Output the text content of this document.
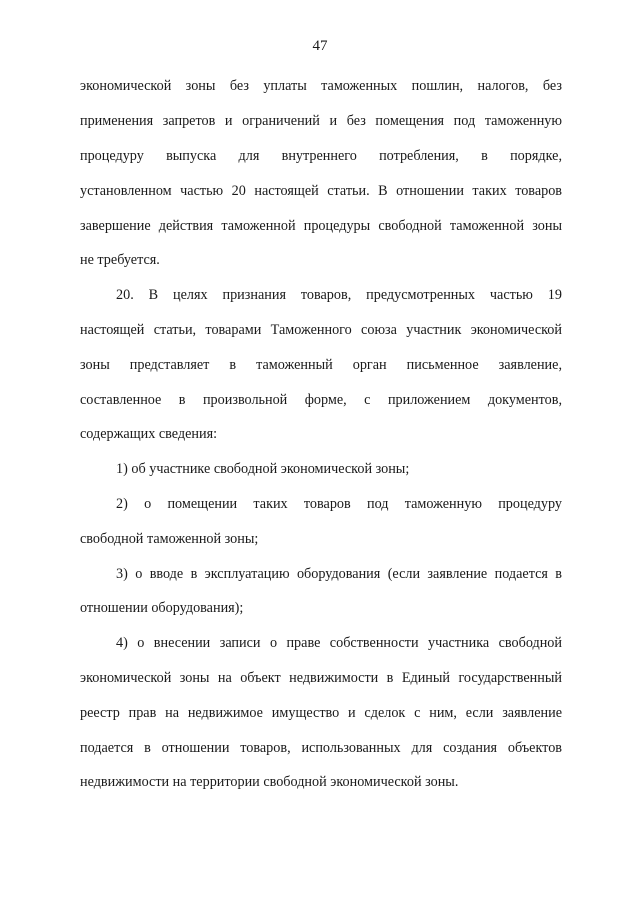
47
экономической зоны без уплаты таможенных пошлин, налогов, без
применения запретов и ограничений и без помещения под таможенную
процедуру выпуска для внутреннего потребления, в порядке,
установленном частью 20 настоящей статьи. В отношении таких товаров
завершение действия таможенной процедуры свободной таможенной зоны
не требуется.
20. В целях признания товаров, предусмотренных частью 19
настоящей статьи, товарами Таможенного союза участник экономической
зоны представляет в таможенный орган письменное заявление,
составленное в произвольной форме, с приложением документов,
содержащих сведения:
1) об участнике свободной экономической зоны;
2) о помещении таких товаров под таможенную процедуру
свободной таможенной зоны;
3) о вводе в эксплуатацию оборудования (если заявление подается в
отношении оборудования);
4) о внесении записи о праве собственности участника свободной
экономической зоны на объект недвижимости в Единый государственный
реестр прав на недвижимое имущество и сделок с ним, если заявление
подается в отношении товаров, использованных для создания объектов
недвижимости на территории свободной экономической зоны.
